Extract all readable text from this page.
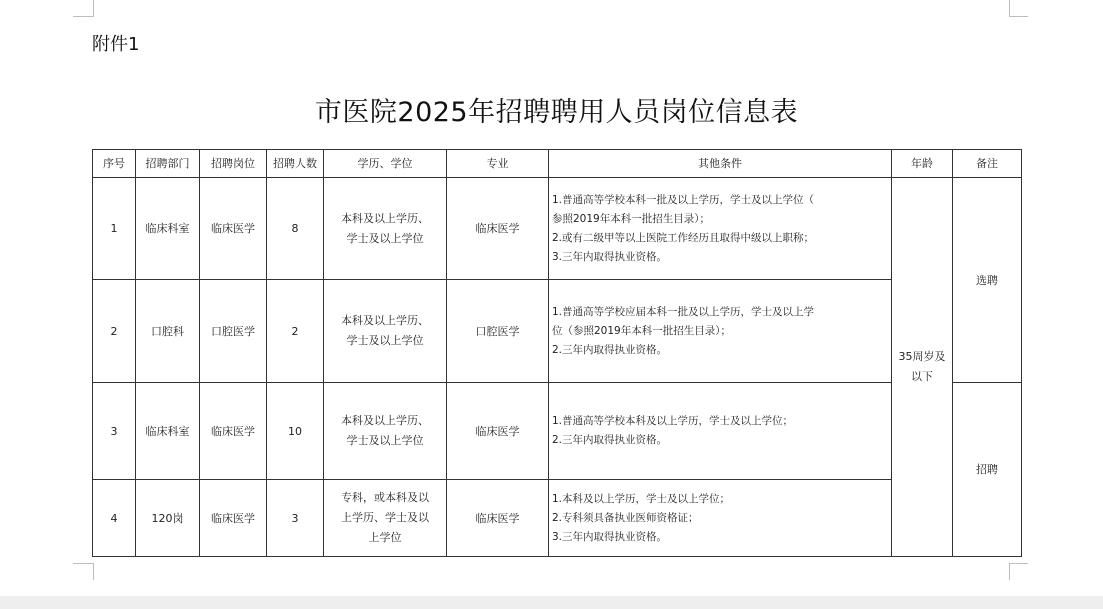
附件1
市医院2025年招聘聘用人员岗位信息表
序号	招聘部门	招聘岗位	招聘人数	学历、学位	专业	其他条件	年龄	备注
1	临床科室	临床医学	8	本科及以上学历、
学士及以上学位	临床医学	1.普通高等学校本科一批及以上学历，学士及以上学位（
参照2019年本科一批招生目录）；
2.或有二级甲等以上医院工作经历且取得中级以上职称；
3.三年内取得执业资格。	35周岁及
以下	选聘
2	口腔科	口腔医学	2	本科及以上学历、
学士及以上学位	口腔医学	1.普通高等学校应届本科一批及以上学历，学士及以上学
位（参照2019年本科一批招生目录）；
2.三年内取得执业资格。		

3	临床科室	临床医学	10	本科及以上学历、
学士及以上学位	临床医学	1.普通高等学校本科及以上学历，学士及以上学位；
2.三年内取得执业资格。		招聘
4	120岗	临床医学	3	专科，或本科及以
上学历、学士及以
上学位	临床医学	1.本科及以上学历，学士及以上学位；
2.专科须具备执业医师资格证；
3.三年内取得执业资格。		
